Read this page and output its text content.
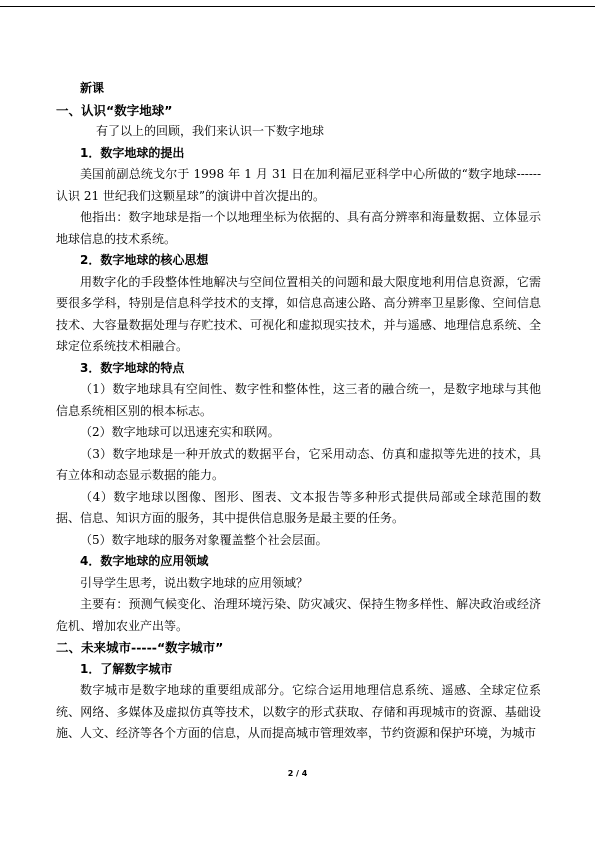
新课

一、认识“数字地球”

有了以上的回顾，我们来认识一下数字地球

1．数字地球的提出

美国前副总统戈尔于 1998 年 1 月 31 日在加利福尼亚科学中心所做的“数字地球------认识 21 世纪我们这颗星球”的演讲中首次提出的。

他指出：数字地球是指一个以地理坐标为依据的、具有高分辨率和海量数据、立体显示地球信息的技术系统。

2．数字地球的核心思想

用数字化的手段整体性地解决与空间位置相关的问题和最大限度地利用信息资源，它需要很多学科，特别是信息科学技术的支撑，如信息高速公路、高分辨率卫星影像、空间信息技术、大容量数据处理与存贮技术、可视化和虚拟现实技术，并与遥感、地理信息系统、全球定位系统技术相融合。

3．数字地球的特点

（1）数字地球具有空间性、数字性和整体性，这三者的融合统一，是数字地球与其他信息系统相区别的根本标志。

（2）数字地球可以迅速充实和联网。

（3）数字地球是一种开放式的数据平台，它采用动态、仿真和虚拟等先进的技术，具有立体和动态显示数据的能力。

（4）数字地球以图像、图形、图表、文本报告等多种形式提供局部或全球范围的数据、信息、知识方面的服务，其中提供信息服务是最主要的任务。

（5）数字地球的服务对象覆盖整个社会层面。

4．数字地球的应用领域

引导学生思考，说出数字地球的应用领域？

主要有：预测气候变化、治理环境污染、防灾减灾、保持生物多样性、解决政治或经济危机、增加农业产出等。

二、未来城市-----“数字城市”

1．了解数字城市

数字城市是数字地球的重要组成部分。它综合运用地理信息系统、遥感、全球定位系统、网络、多媒体及虚拟仿真等技术，以数字的形式获取、存储和再现城市的资源、基础设施、人文、经济等各个方面的信息，从而提高城市管理效率，节约资源和保护环境，为城市

2 / 4
